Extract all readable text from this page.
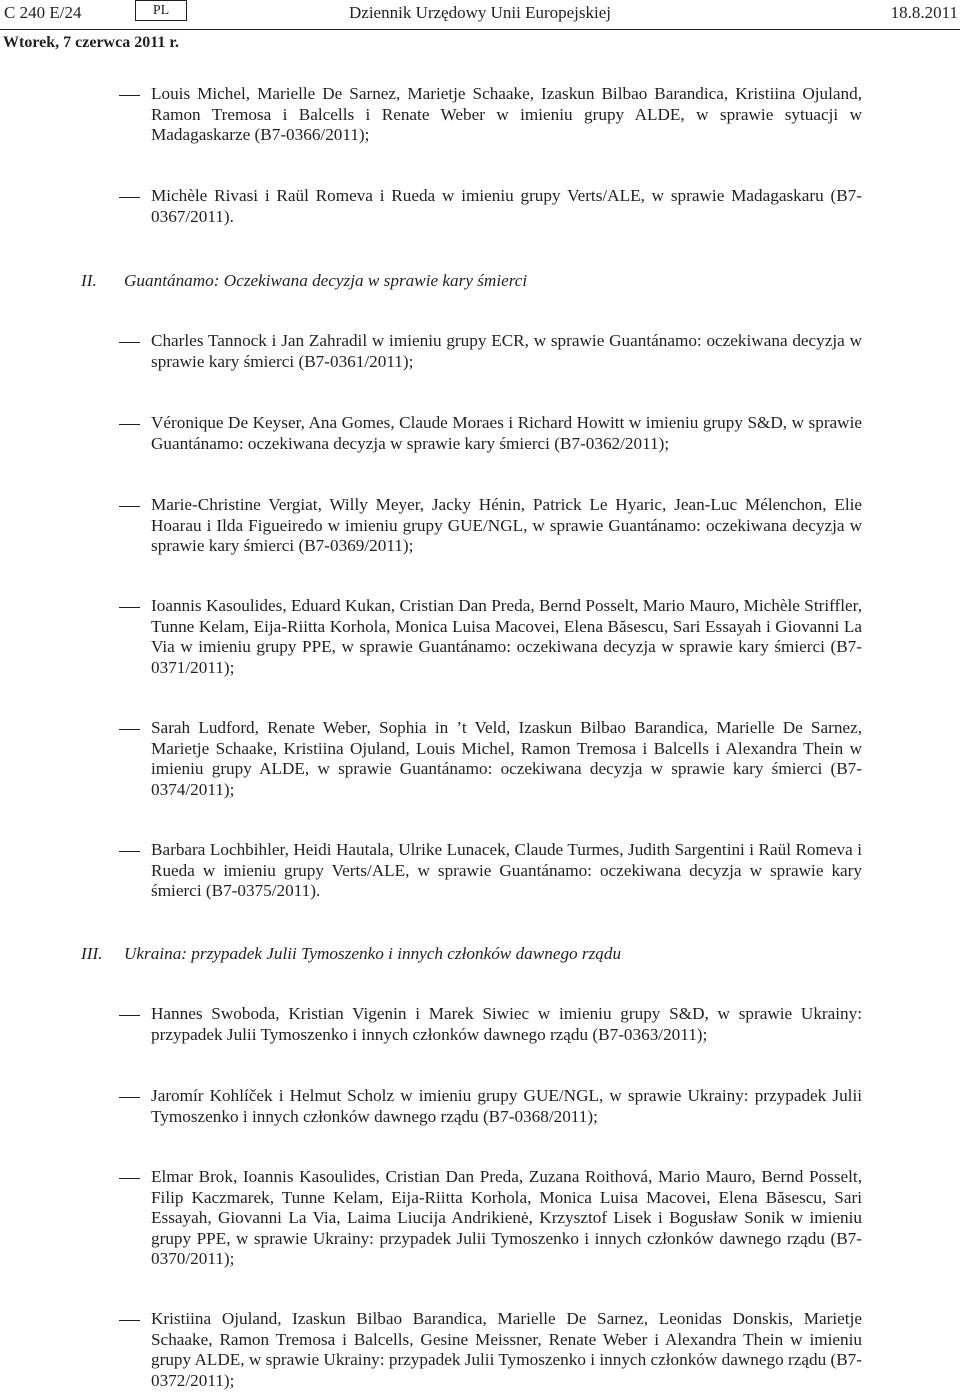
C 240 E/24	PL	Dziennik Urzędowy Unii Europejskiej	18.8.2011
Wtorek, 7 czerwca 2011 r.
Louis Michel, Marielle De Sarnez, Marietje Schaake, Izaskun Bilbao Barandica, Kristiina Ojuland, Ramon Tremosa i Balcells i Renate Weber w imieniu grupy ALDE, w sprawie sytuacji w Madagaskarze (B7-0366/2011);
Michèle Rivasi i Raül Romeva i Rueda w imieniu grupy Verts/ALE, w sprawie Madagaskaru (B7-0367/2011).
II. Guantánamo: Oczekiwana decyzja w sprawie kary śmierci
Charles Tannock i Jan Zahradil w imieniu grupy ECR, w sprawie Guantánamo: oczekiwana decyzja w sprawie kary śmierci (B7-0361/2011);
Véronique De Keyser, Ana Gomes, Claude Moraes i Richard Howitt w imieniu grupy S&D, w sprawie Guantánamo: oczekiwana decyzja w sprawie kary śmierci (B7-0362/2011);
Marie-Christine Vergiat, Willy Meyer, Jacky Hénin, Patrick Le Hyaric, Jean-Luc Mélenchon, Elie Hoarau i Ilda Figueiredo w imieniu grupy GUE/NGL, w sprawie Guantánamo: oczekiwana decyzja w sprawie kary śmierci (B7-0369/2011);
Ioannis Kasoulides, Eduard Kukan, Cristian Dan Preda, Bernd Posselt, Mario Mauro, Michèle Striffler, Tunne Kelam, Eija-Riitta Korhola, Monica Luisa Macovei, Elena Băsescu, Sari Essayah i Giovanni La Via w imieniu grupy PPE, w sprawie Guantánamo: oczekiwana decyzja w sprawie kary śmierci (B7-0371/2011);
Sarah Ludford, Renate Weber, Sophia in ’t Veld, Izaskun Bilbao Barandica, Marielle De Sarnez, Marietje Schaake, Kristiina Ojuland, Louis Michel, Ramon Tremosa i Balcells i Alexandra Thein w imieniu grupy ALDE, w sprawie Guantánamo: oczekiwana decyzja w sprawie kary śmierci (B7-0374/2011);
Barbara Lochbihler, Heidi Hautala, Ulrike Lunacek, Claude Turmes, Judith Sargentini i Raül Romeva i Rueda w imieniu grupy Verts/ALE, w sprawie Guantánamo: oczekiwana decyzja w sprawie kary śmierci (B7-0375/2011).
III. Ukraina: przypadek Julii Tymoszenko i innych członków dawnego rządu
Hannes Swoboda, Kristian Vigenin i Marek Siwiec w imieniu grupy S&D, w sprawie Ukrainy: przypadek Julii Tymoszenko i innych członków dawnego rządu (B7-0363/2011);
Jaromír Kohlíček i Helmut Scholz w imieniu grupy GUE/NGL, w sprawie Ukrainy: przypadek Julii Tymoszenko i innych członków dawnego rządu (B7-0368/2011);
Elmar Brok, Ioannis Kasoulides, Cristian Dan Preda, Zuzana Roithová, Mario Mauro, Bernd Posselt, Filip Kaczmarek, Tunne Kelam, Eija-Riitta Korhola, Monica Luisa Macovei, Elena Băsescu, Sari Essayah, Giovanni La Via, Laima Liucija Andrikienė, Krzysztof Lisek i Bogusław Sonik w imieniu grupy PPE, w sprawie Ukrainy: przypadek Julii Tymoszenko i innych członków dawnego rządu (B7-0370/2011);
Kristiina Ojuland, Izaskun Bilbao Barandica, Marielle De Sarnez, Leonidas Donskis, Marietje Schaake, Ramon Tremosa i Balcells, Gesine Meissner, Renate Weber i Alexandra Thein w imieniu grupy ALDE, w sprawie Ukrainy: przypadek Julii Tymoszenko i innych członków dawnego rządu (B7-0372/2011);
